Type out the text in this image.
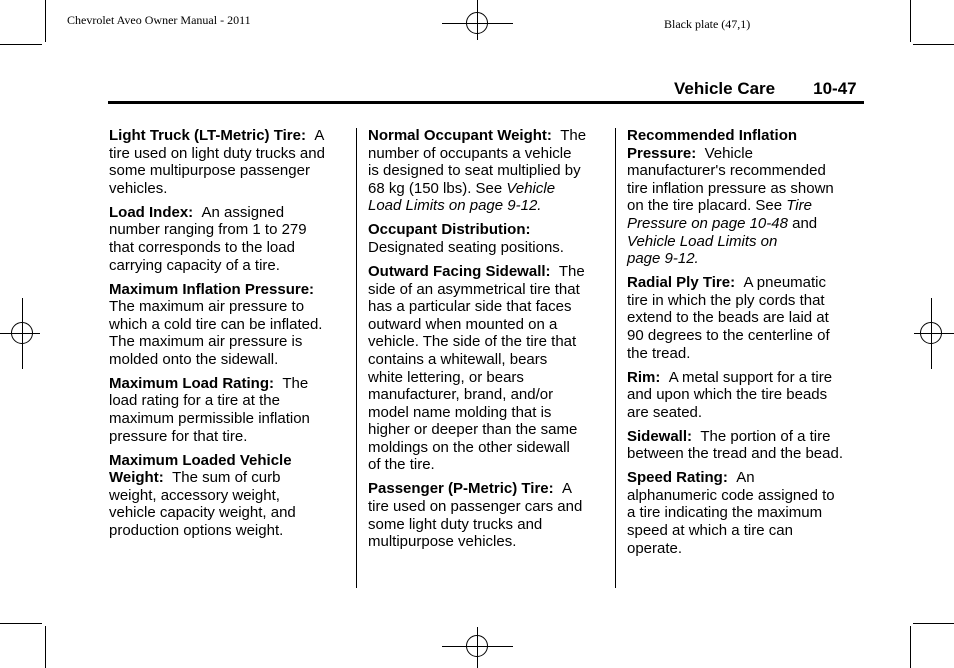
Chevrolet Aveo Owner Manual - 2011	Black plate (47,1)
Vehicle Care 10-47
Light Truck (LT-Metric) Tire: A
tire used on light duty trucks and
some multipurpose passenger
vehicles.
Load Index: An assigned
number ranging from 1 to 279
that corresponds to the load
carrying capacity of a tire.
Maximum Inflation Pressure:
The maximum air pressure to
which a cold tire can be inflated.
The maximum air pressure is
molded onto the sidewall.
Maximum Load Rating: The
load rating for a tire at the
maximum permissible inflation
pressure for that tire.
Maximum Loaded Vehicle
Weight: The sum of curb
weight, accessory weight,
vehicle capacity weight, and
production options weight.
Normal Occupant Weight: The
number of occupants a vehicle
is designed to seat multiplied by
68 kg (150 lbs). See Vehicle
Load Limits on page 9-12.
Occupant Distribution:
Designated seating positions.
Outward Facing Sidewall: The
side of an asymmetrical tire that
has a particular side that faces
outward when mounted on a
vehicle. The side of the tire that
contains a whitewall, bears
white lettering, or bears
manufacturer, brand, and/or
model name molding that is
higher or deeper than the same
moldings on the other sidewall
of the tire.
Passenger (P-Metric) Tire: A
tire used on passenger cars and
some light duty trucks and
multipurpose vehicles.
Recommended Inflation
Pressure: Vehicle
manufacturer's recommended
tire inflation pressure as shown
on the tire placard. See Tire
Pressure on page 10-48 and
Vehicle Load Limits on
page 9-12.
Radial Ply Tire: A pneumatic
tire in which the ply cords that
extend to the beads are laid at
90 degrees to the centerline of
the tread.
Rim: A metal support for a tire
and upon which the tire beads
are seated.
Sidewall: The portion of a tire
between the tread and the bead.
Speed Rating: An
alphanumeric code assigned to
a tire indicating the maximum
speed at which a tire can
operate.
